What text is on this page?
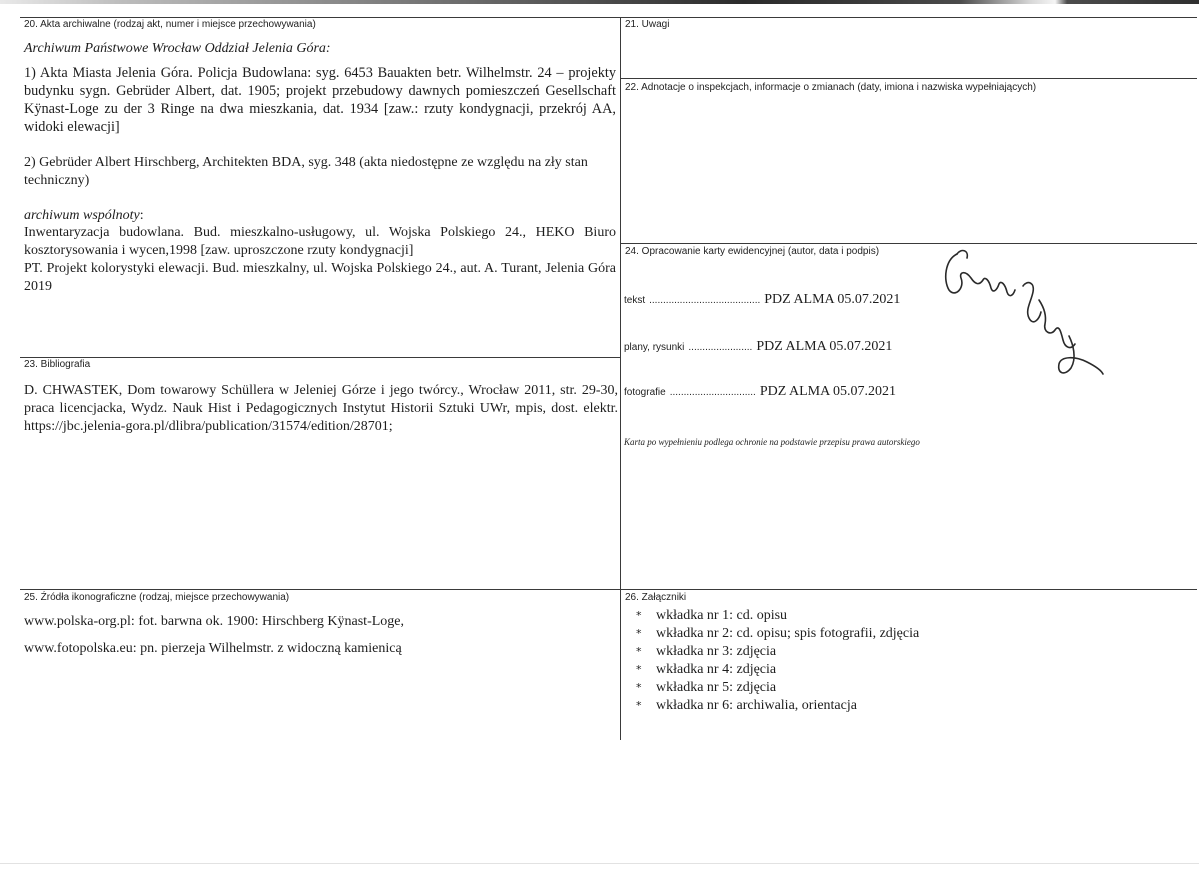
20. Akta archiwalne (rodzaj akt, numer i miejsce przechowywania)
Archiwum Państwowe Wrocław Oddział Jelenia Góra:
1) Akta Miasta Jelenia Góra. Policja Budowlana: syg. 6453 Bauakten betr. Wilhelmstr. 24 – projekty budynku sygn. Gebrüder Albert, dat. 1905; projekt przebudowy dawnych pomieszczeń Gesellschaft Kÿnast-Loge zu der 3 Ringe na dwa mieszkania, dat. 1934 [zaw.: rzuty kondygnacji, przekrój AA, widoki elewacji]
2) Gebrüder Albert Hirschberg, Architekten BDA, syg. 348 (akta niedostępne ze względu na zły stan techniczny)
archiwum wspólnoty:
Inwentaryzacja budowlana. Bud. mieszkalno-usługowy, ul. Wojska Polskiego 24., HEKO Biuro kosztorysowania i wycen,1998 [zaw. uproszczone rzuty kondygnacji]
PT. Projekt kolorystyki elewacji. Bud. mieszkalny, ul. Wojska Polskiego 24., aut. A. Turant, Jelenia Góra 2019
21. Uwagi
22. Adnotacje o inspekcjach, informacje o zmianach (daty, imiona i nazwiska wypełniających)
23. Bibliografia
D. CHWASTEK, Dom towarowy Schüllera w Jeleniej Górze i jego twórcy., Wrocław 2011, str. 29-30, praca licencjacka, Wydz. Nauk Hist i Pedagogicznych Instytut Historii Sztuki UWr, mpis, dost. elektr. https://jbc.jelenia-gora.pl/dlibra/publication/31574/edition/28701;
24. Opracowanie karty ewidencyjnej (autor, data i podpis)
tekst ........................................ PDZ ALMA 05.07.2021
plany, rysunki ....................... PDZ ALMA 05.07.2021
fotografie ............................... PDZ ALMA 05.07.2021
Karta po wypełnieniu podlega ochronie na podstawie przepisu prawa autorskiego
25. Źródła ikonograficzne (rodzaj, miejsce przechowywania)
www.polska-org.pl: fot. barwna ok. 1900: Hirschberg Kÿnast-Loge,
www.fotopolska.eu: pn. pierzeja Wilhelmstr. z widoczną kamienicą
26. Załączniki
* wkładka nr 1: cd. opisu
* wkładka nr 2: cd. opisu; spis fotografii, zdjęcia
* wkładka nr 3: zdjęcia
* wkładka nr 4: zdjęcia
* wkładka nr 5: zdjęcia
* wkładka nr 6: archiwalia, orientacja
